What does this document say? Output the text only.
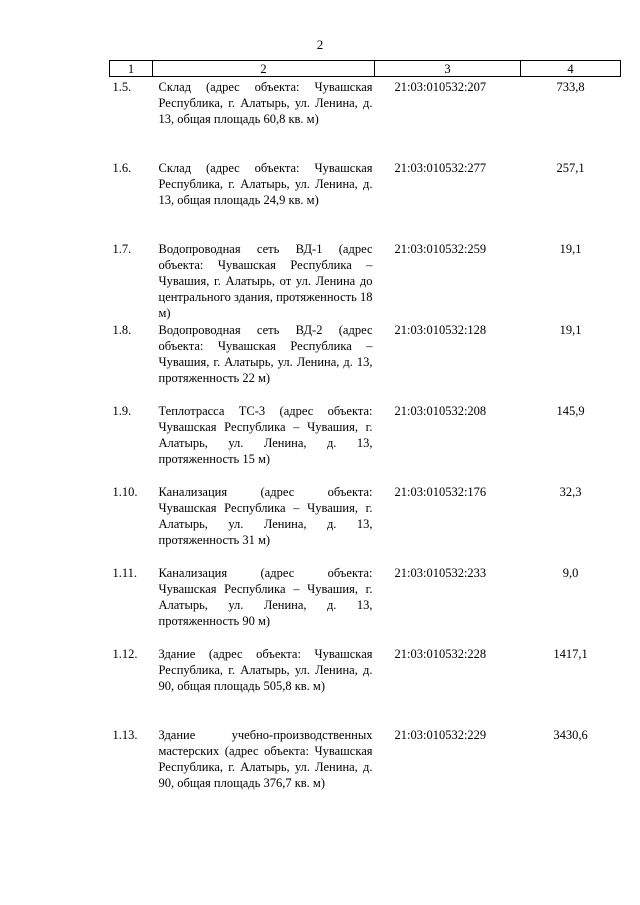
2
1	2	3	4
1.5.	Склад (адрес объекта: Чувашская Республика, г. Алатырь, ул. Ленина, д. 13, общая площадь 60,8 кв. м)	21:03:010532:207	733,8
1.6.	Склад (адрес объекта: Чувашская Республика, г. Алатырь, ул. Ленина, д. 13, общая площадь 24,9 кв. м)	21:03:010532:277	257,1
1.7.	Водопроводная сеть ВД-1 (адрес объекта: Чувашская Республика – Чувашия, г. Алатырь, от ул. Ленина до центрального здания, протяженность 18 м)	21:03:010532:259	19,1
1.8.	Водопроводная сеть ВД-2 (адрес объекта: Чувашская Республика – Чувашия, г. Алатырь, ул. Ленина, д. 13, протяженность 22 м)	21:03:010532:128	19,1
1.9.	Теплотрасса ТС-3 (адрес объекта: Чувашская Республика – Чувашия, г. Алатырь, ул. Ленина, д. 13, протяженность 15 м)	21:03:010532:208	145,9
1.10.	Канализация (адрес объекта: Чувашская Республика – Чувашия, г. Алатырь, ул. Ленина, д. 13, протяженность 31 м)	21:03:010532:176	32,3
1.11.	Канализация (адрес объекта: Чувашская Республика – Чувашия, г. Алатырь, ул. Ленина, д. 13, протяженность 90 м)	21:03:010532:233	9,0
1.12.	Здание (адрес объекта: Чувашская Республика, г. Алатырь, ул. Ленина, д. 90, общая площадь 505,8 кв. м)	21:03:010532:228	1417,1
1.13.	Здание учебно-производственных мастерских (адрес объекта: Чувашская Республика, г. Алатырь, ул. Ленина, д. 90, общая площадь 376,7 кв. м)	21:03:010532:229	3430,6
